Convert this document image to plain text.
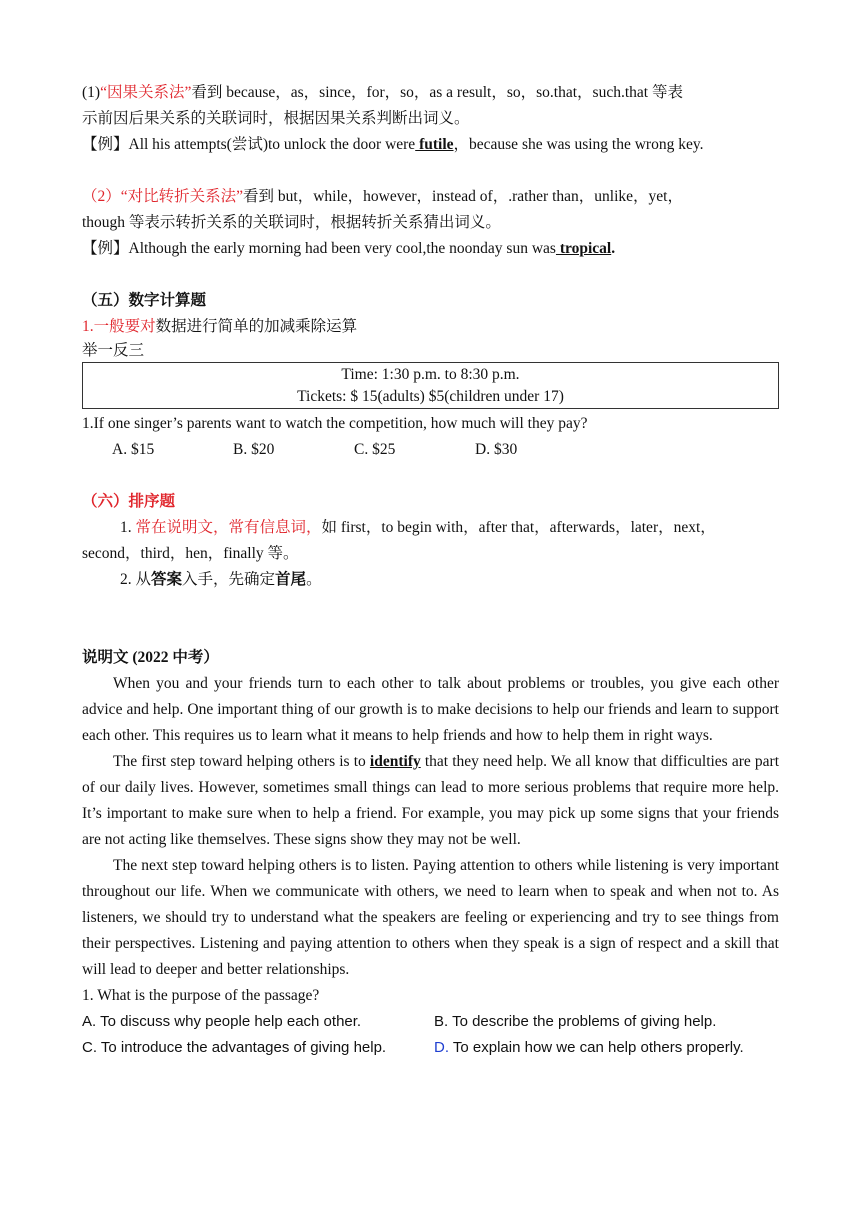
(1)“因果关系法”看到 because，as，since，for，so，as a result，so，so.that，such.that 等表
示前因后果关系的关联词时，根据因果关系判断出词义。
【例】All his attempts(尝试)to unlock the door were futile，because she was using the wrong key.
（2）“对比转折关系法”看到 but，while，however，instead of，.rather than，unlike，yet，
though 等表示转折关系的关联词时，根据转折关系猜出词义。
【例】Although the early morning had been very cool,the noonday sun was tropical.
（五）数字计算题
1.一般要对数据进行简单的加减乘除运算
举一反三
Time: 1:30 p.m. to 8:30 p.m.
Tickets: $ 15(adults) $5(children under 17)
1.If one singer’s parents want to watch the competition, how much will they pay?
A. $15	B. $20	C. $25	D. $30
（六）排序题
1. 常在说明文，常有信息词，如 first，to begin with，after that，afterwards，later，next，
second，third，hen，finally 等。
2. 从答案入手，先确定首尾。
说明文 (2022 中考）
When you and your friends turn to each other to talk about problems or troubles, you give each other advice and help. One important thing of our growth is to make decisions to help our friends and learn to support each other. This requires us to learn what it means to help friends and how to help them in right ways.
The first step toward helping others is to identify that they need help. We all know that difficulties are part of our daily lives. However, sometimes small things can lead to more serious problems that require more help. It’s important to make sure when to help a friend. For example, you may pick up some signs that your friends are not acting like themselves. These signs show they may not be well.
The next step toward helping others is to listen. Paying attention to others while listening is very important throughout our life. When we communicate with others, we need to learn when to speak and when not to. As listeners, we should try to understand what the speakers are feeling or experiencing and try to see things from their perspectives. Listening and paying attention to others when they speak is a sign of respect and a skill that will lead to deeper and better relationships.
1. What is the purpose of the passage?
A. To discuss why people help each other.	B. To describe the problems of giving help.
C. To introduce the advantages of giving help.	D. To explain how we can help others properly.
